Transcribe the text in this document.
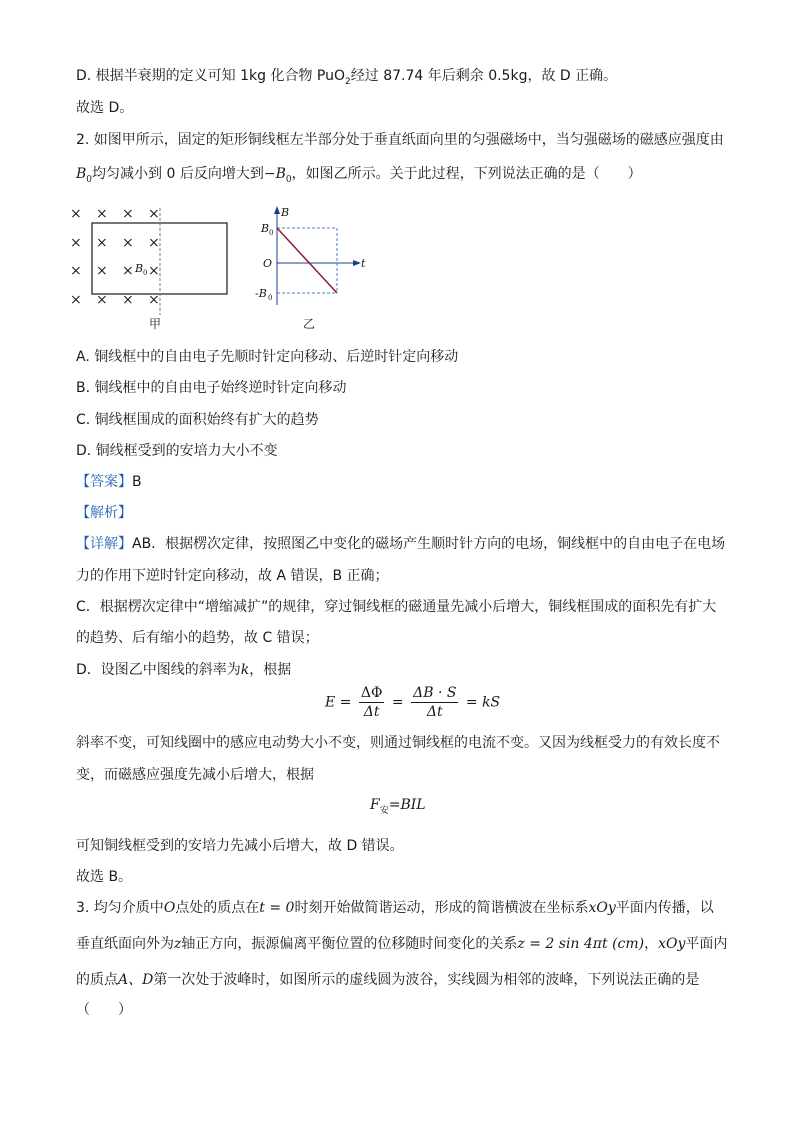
D. 根据半衰期的定义可知 1kg 化合物 PuO$_2$经过 87.74 年后剩余 0.5kg，故 D 正确。
故选 D。
2. 如图甲所示，固定的矩形铜线框左半部分处于垂直纸面向里的匀强磁场中，当匀强磁场的磁感应强度由
$B_0$均匀减小到 0 后反向增大到$-B_0$，如图乙所示。关于此过程，下列说法正确的是（　　）
× × × ×
× × × ×
× × × ×
× × × ×
B 0
甲
B
t
O
B 0
-B 0
乙
A. 铜线框中的自由电子先顺时针定向移动、后逆时针定向移动
B. 铜线框中的自由电子始终逆时针定向移动
C. 铜线框围成的面积始终有扩大的趋势
D. 铜线框受到的安培力大小不变
【答案】B
【解析】
【详解】AB．根据楞次定律，按照图乙中变化的磁场产生顺时针方向的电场，铜线框中的自由电子在电场
力的作用下逆时针定向移动，故 A 错误，B 正确；
C．根据楞次定律中“增缩减扩”的规律，穿过铜线框的磁通量先减小后增大，铜线框围成的面积先有扩大
的趋势、后有缩小的趋势，故 C 错误；
D．设图乙中图线的斜率为k，根据
$E = \frac{\Delta\Phi}{\Delta t} = \frac{\Delta B \cdot S}{\Delta t}$ = kS
斜率不变，可知线圈中的感应电动势大小不变，则通过铜线框的电流不变。又因为线框受力的有效长度不
变，而磁感应强度先减小后增大，根据
$F_安=BIL$
可知铜线框受到的安培力先减小后增大，故 D 错误。
故选 B。
3. 均匀介质中O点处的质点在t = 0时刻开始做简谐运动，形成的简谐横波在坐标系xOy平面内传播，以
垂直纸面向外为z轴正方向，振源偏离平衡位置的位移随时间变化的关系z = 2 sin 4πt (cm)，xOy平面内
的质点A、D第一次处于波峰时，如图所示的虚线圆为波谷，实线圆为相邻的波峰，下列说法正确的是
（　　）
